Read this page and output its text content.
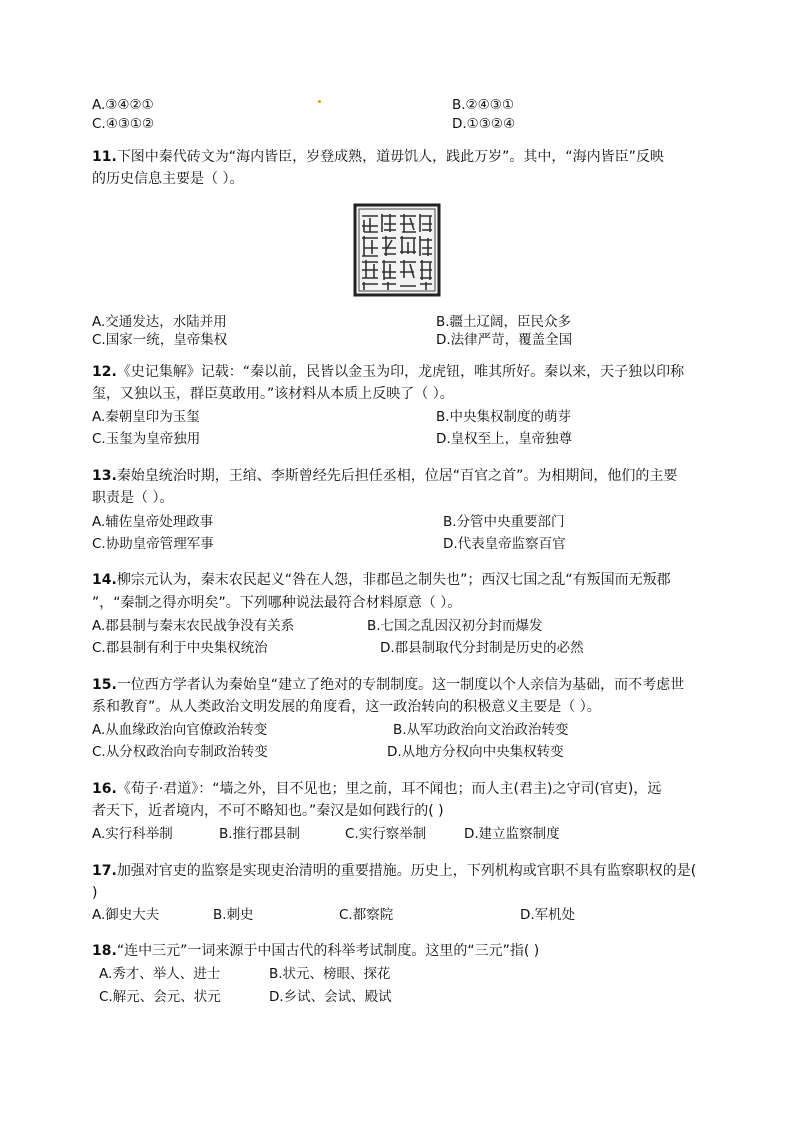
A.③④②①	B.②④③①
C.④③①②	D.①③②④
11.下图中秦代砖文为“海内皆臣，岁登成熟，道毋饥人，践此万岁”。其中，“海内皆臣”反映
的历史信息主要是（ ）。
A.交通发达，水陆并用	B.疆土辽阔，臣民众多
C.国家一统，皇帝集权	D.法律严苛，覆盖全国
12.《史记集解》记载：“秦以前，民皆以金玉为印，龙虎钮，唯其所好。秦以来，天子独以印称
玺，又独以玉，群臣莫敢用。”该材料从本质上反映了（ ）。
A.秦朝皇印为玉玺	B.中央集权制度的萌芽
C.玉玺为皇帝独用	D.皇权至上，皇帝独尊
13.秦始皇统治时期，王绾、李斯曾经先后担任丞相，位居“百官之首”。为相期间，他们的主要
职责是（ ）。
A.辅佐皇帝处理政事	B.分管中央重要部门
C.协助皇帝管理军事	D.代表皇帝监察百官
14.柳宗元认为，秦末农民起义“咎在人怨，非郡邑之制失也”；西汉七国之乱“有叛国而无叛郡
”，“秦制之得亦明矣”。下列哪种说法最符合材料原意（ ）。
A.郡县制与秦末农民战争没有关系	B.七国之乱因汉初分封而爆发
C.郡县制有利于中央集权统治	D.郡县制取代分封制是历史的必然
15.一位西方学者认为秦始皇“建立了绝对的专制制度。这一制度以个人亲信为基础，而不考虑世
系和教育”。从人类政治文明发展的角度看，这一政治转向的积极意义主要是（ ）。
A.从血缘政治向官僚政治转变	B.从军功政治向文治政治转变
C.从分权政治向专制政治转变	D.从地方分权向中央集权转变
16.《荀子·君道》：“墙之外，目不见也；里之前，耳不闻也；而人主(君主)之守司(官吏)，远
者天下，近者境内，不可不略知也。”秦汉是如何践行的( )
A.实行科举制	B.推行郡县制	C.实行察举制	D.建立监察制度
17.加强对官吏的监察是实现吏治清明的重要措施。历史上，下列机构或官职不具有监察职权的是(
)
A.御史大夫	B.刺史	C.都察院	D.军机处
18.“连中三元”一词来源于中国古代的科举考试制度。这里的“三元”指( )
A.秀才、举人、进士	B.状元、榜眼、探花
C.解元、会元、状元	D.乡试、会试、殿试
